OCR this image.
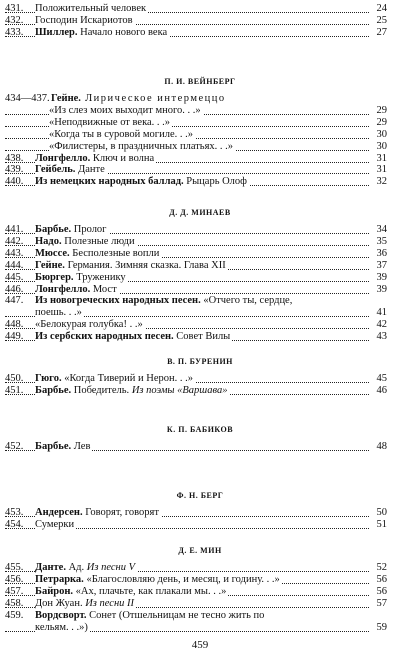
431. Положительный человек	24
432. Господин Искариотов	25
433. Шиллер. Начало нового века	27
П. И. ВЕЙНБЕРГ
434—437.Гейне. Лирическое интермеццо
«Из слез моих выходит много. . .»	29
«Неподвижные от века. . .»	29
«Когда ты в суровой могиле. . .»	30
«Филистеры, в праздничных платьях. . .»	30
438. Лонгфелло. Ключ и волна	31
439. Гейбель. Данте	31
440. Из немецких народных баллад. Рыцарь Олоф	32
Д. Д. МИНАЕВ
441. Барбье. Пролог	34
442. Надо. Полезные люди	35
443. Мюссе. Бесполезные вопли	36
444. Гейне. Германия. Зимняя сказка. Глава XII	37
445. Бюргер. Труженику	39
446. Лонгфелло. Мост	39
447. Из новогреческих народных песен. «Отчего ты, сердце,
поешь. . .»	41
448. «Белокурая голубка! . .»	42
449. Из сербских народных песен. Совет Вилы	43
В. П. БУРЕНИН
450. Гюго. «Когда Тиверий и Нерон. . .»	45
451. Барбье. Победитель. Из поэмы «Варшава»	46
К. П. БАБИКОВ
452. Барбье. Лев	48
Ф. Н. БЕРГ
453. Андерсен. Говорят, говорят	50
454. Сумерки	51
Д. Е. МИН
455. Данте. Ад. Из песни V	52
456. Петрарка. «Благословляю день, и месяц, и годину. . .»	56
457. Байрон. «Ах, плачьте, как плакали мы. . .»	56
458. Дон Жуан. Из песни II	57
459. Вордсворт. Сонет (Отшельницам не тесно жить по
кельям. . .»)	59
459
